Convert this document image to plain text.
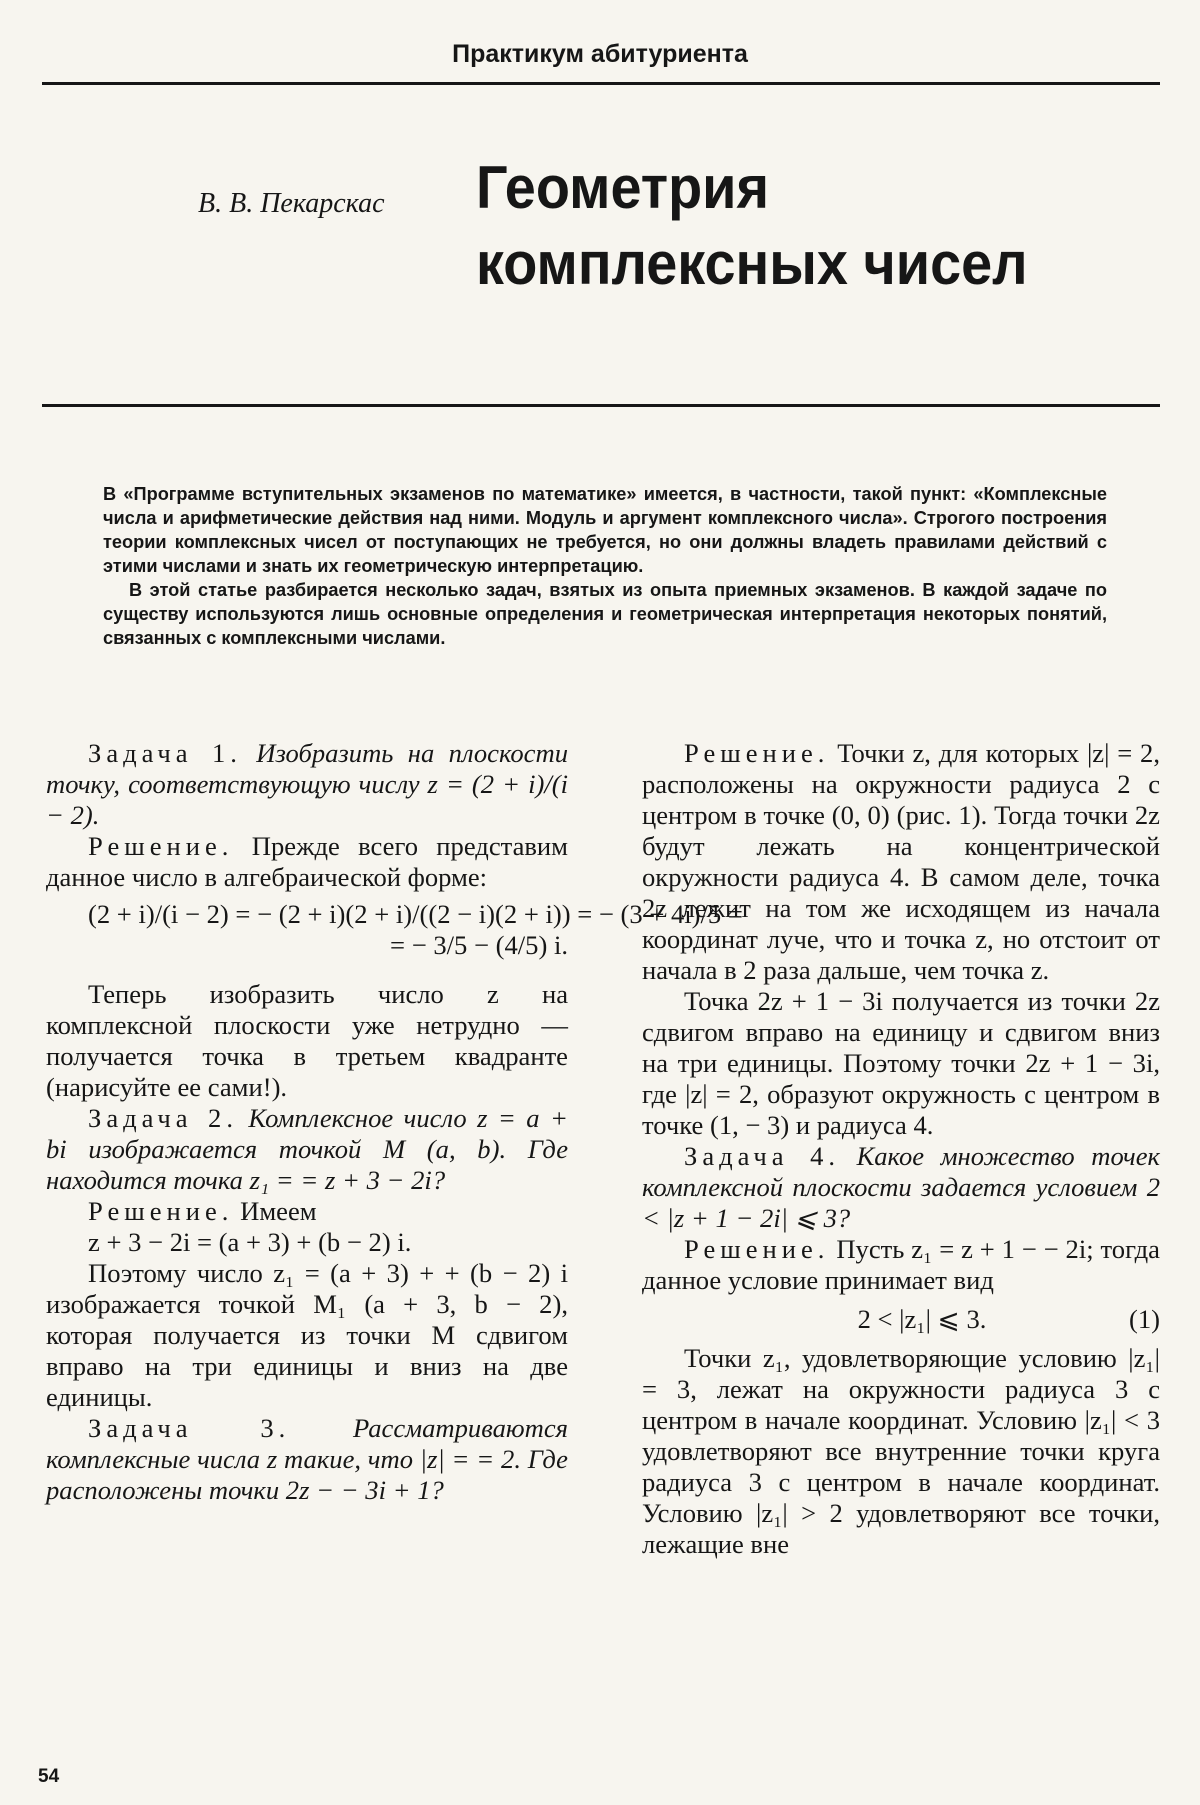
Практикум абитуриента
В. В. Пекарскас Геометрия
комплексных чисел

В «Программе вступительных экзаменов по математике» имеется, в частности, такой пункт: «Комплексные числа и арифметические действия над ними. Модуль и аргумент комплексного числа». Строгого построения теории комплексных чисел от поступающих не требуется, но они должны владеть правилами действий с этими числами и знать их геометрическую интерпретацию.

В этой статье разбирается несколько задач, взятых из опыта приемных экзаменов. В каждой задаче по существу используются лишь основные определения и геометрическая интерпретация некоторых понятий, связанных с комплексными числами.

Задача 1. Изобразить на плоскости точку, соответствующую числу z = (2 + i)/(i − 2).

Решение. Прежде всего представим данное число в алгебраической форме:

(2 + i)/(i − 2) = − (2 + i)(2 + i)/((2 − i)(2 + i)) = − (3 + 4i)/5 =

= − 3/5 − (4/5) i.

Теперь изобразить число z на комплексной плоскости уже нетрудно — получается точка в третьем квадранте (нарисуйте ее сами!).

Задача 2. Комплексное число z = a + bi изображается точкой M (a, b). Где находится точка z₁ = = z + 3 − 2i?

Решение. Имеем

z + 3 − 2i = (a + 3) + (b − 2) i.

Поэтому число z₁ = (a + 3) + + (b − 2) i изображается точкой M₁ (a + 3, b − 2), которая получается из точки M сдвигом вправо на три единицы и вниз на две единицы.

Задача 3. Рассматриваются комплексные числа z такие, что |z| = = 2. Где расположены точки 2z − − 3i + 1?

Решение. Точки z, для которых |z| = 2, расположены на окружности радиуса 2 с центром в точке (0, 0) (рис. 1). Тогда точки 2z будут лежать на концентрической окружности радиуса 4. В самом деле, точка 2z лежит на том же исходящем из начала координат луче, что и точка z, но отстоит от начала в 2 раза дальше, чем точка z.

Точка 2z + 1 − 3i получается из точки 2z сдвигом вправо на единицу и сдвигом вниз на три единицы. Поэтому точки 2z + 1 − 3i, где |z| = 2, образуют окружность с центром в точке (1, − 3) и радиуса 4.

Задача 4. Какое множество точек комплексной плоскости задается условием 2 < |z + 1 − 2i| ⩽ 3?

Решение. Пусть z₁ = z + 1 − − 2i; тогда данное условие принимает вид

2 < |z₁| ⩽ 3.	(1)

Точки z₁, удовлетворяющие условию |z₁| = 3, лежат на окружности радиуса 3 с центром в начале координат. Условию |z₁| < 3 удовлетворяют все внутренние точки круга радиуса 3 с центром в начале координат. Условию |z₁| > 2 удовлетворяют все точки, лежащие вне

54
